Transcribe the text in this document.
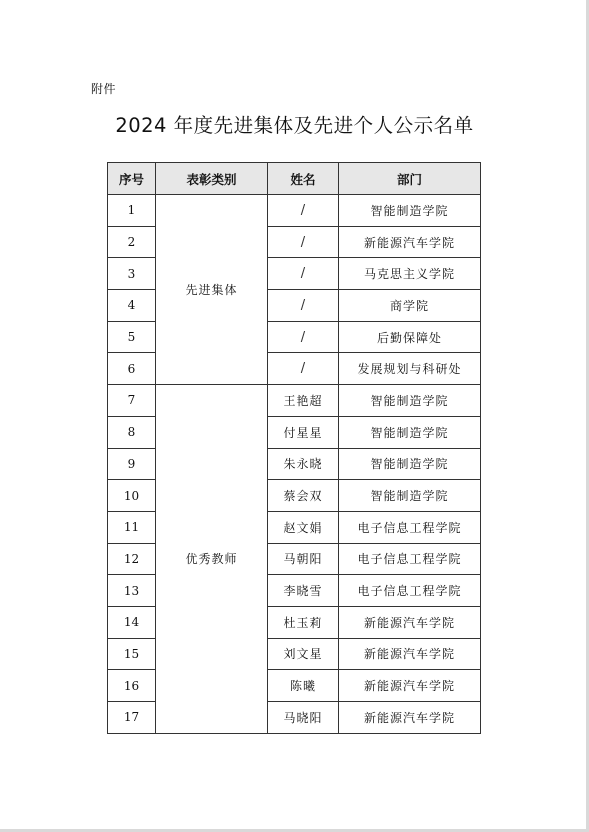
附件
2024 年度先进集体及先进个人公示名单
序号	表彰类别	姓名	部门
1	先进集体	/	智能制造学院
2		/	新能源汽车学院
3		/	马克思主义学院
4		/	商学院
5		/	后勤保障处
6		/	发展规划与科研处
7	优秀教师	王艳超	智能制造学院
8		付星星	智能制造学院
9		朱永晓	智能制造学院
10		蔡会双	智能制造学院
11		赵文娟	电子信息工程学院
12		马朝阳	电子信息工程学院
13		李晓雪	电子信息工程学院
14		杜玉莉	新能源汽车学院
15		刘文星	新能源汽车学院
16		陈曦	新能源汽车学院
17		马晓阳	新能源汽车学院
